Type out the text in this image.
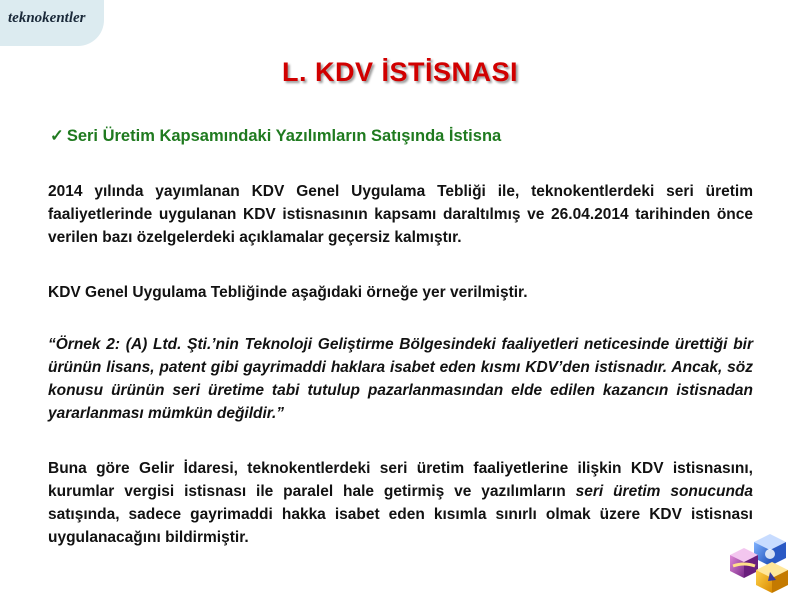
teknokentler
L. KDV İSTİSNASI
✓ Seri Üretim Kapsamındaki Yazılımların Satışında İstisna
2014 yılında yayımlanan KDV Genel Uygulama Tebliği ile, teknokentlerdeki seri üretim faaliyetlerinde uygulanan KDV istisnasının kapsamı daraltılmış ve 26.04.2014 tarihinden önce verilen bazı özelgelerdeki açıklamalar geçersiz kalmıştır.
KDV Genel Uygulama Tebliğinde aşağıdaki örneğe yer verilmiştir.
“Örnek 2: (A) Ltd. Şti.’nin Teknoloji Geliştirme Bölgesindeki faaliyetleri neticesinde ürettiği bir ürünün lisans, patent gibi gayrimaddi haklara isabet eden kısmı KDV’den istisnadır. Ancak, söz konusu ürünün seri üretime tabi tutulup pazarlanmasından elde edilen kazancın istisnadan yararlanması mümkün değildir.”
Buna göre Gelir İdaresi, teknokentlerdeki seri üretim faaliyetlerine ilişkin KDV istisnasını, kurumlar vergisi istisnası ile paralel hale getirmiş ve yazılımların seri üretim sonucunda satışında, sadece gayrimaddi hakka isabet eden kısımla sınırlı olmak üzere KDV istisnası uygulanacağını bildirmiştir.
